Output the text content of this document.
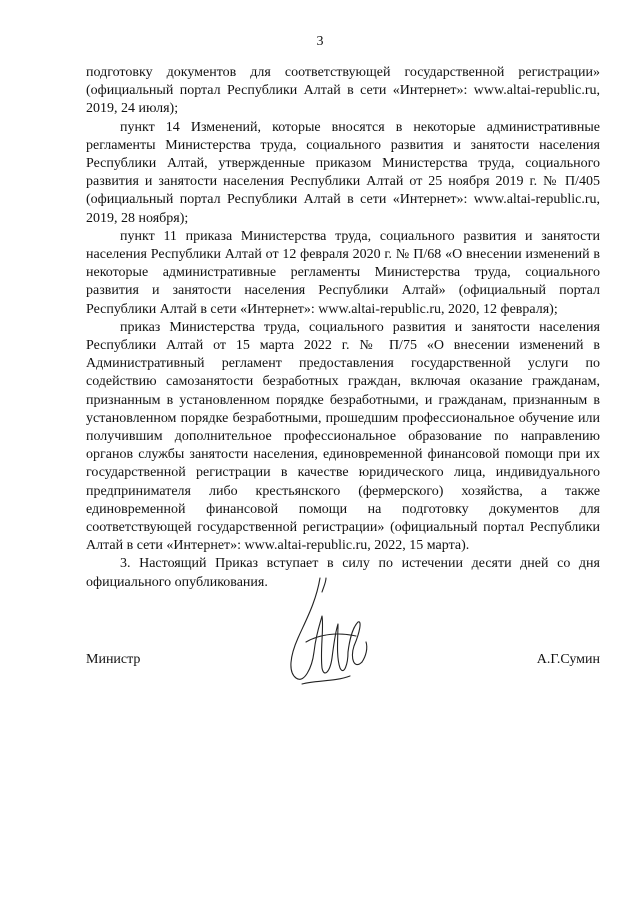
3

подготовку документов для соответствующей государственной регистрации» (официальный портал Республики Алтай в сети «Интернет»: www.altai-republic.ru, 2019, 24 июля);

пункт 14 Изменений, которые вносятся в некоторые административные регламенты Министерства труда, социального развития и занятости населения Республики Алтай, утвержденные приказом Министерства труда, социального развития и занятости населения Республики Алтай от 25 ноября 2019 г. № П/405 (официальный портал Республики Алтай в сети «Интернет»: www.altai-republic.ru, 2019, 28 ноября);

пункт 11 приказа Министерства труда, социального развития и занятости населения Республики Алтай от 12 февраля 2020 г. № П/68 «О внесении изменений в некоторые административные регламенты Министерства труда, социального развития и занятости населения Республики Алтай» (официальный портал Республики Алтай в сети «Интернет»: www.altai-republic.ru, 2020, 12 февраля);

приказ Министерства труда, социального развития и занятости населения Республики Алтай от 15 марта 2022 г. № П/75 «О внесении изменений в Административный регламент предоставления государственной услуги по содействию самозанятости безработных граждан, включая оказание гражданам, признанным в установленном порядке безработными, и гражданам, признанным в установленном порядке безработными, прошедшим профессиональное обучение или получившим дополнительное профессиональное образование по направлению органов службы занятости населения, единовременной финансовой помощи при их государственной регистрации в качестве юридического лица, индивидуального предпринимателя либо крестьянского (фермерского) хозяйства, а также единовременной финансовой помощи на подготовку документов для соответствующей государственной регистрации» (официальный портал Республики Алтай в сети «Интернет»: www.altai-republic.ru, 2022, 15 марта).

3. Настоящий Приказ вступает в силу по истечении десяти дней со дня официального опубликования.

Министр	А.Г.Сумин
